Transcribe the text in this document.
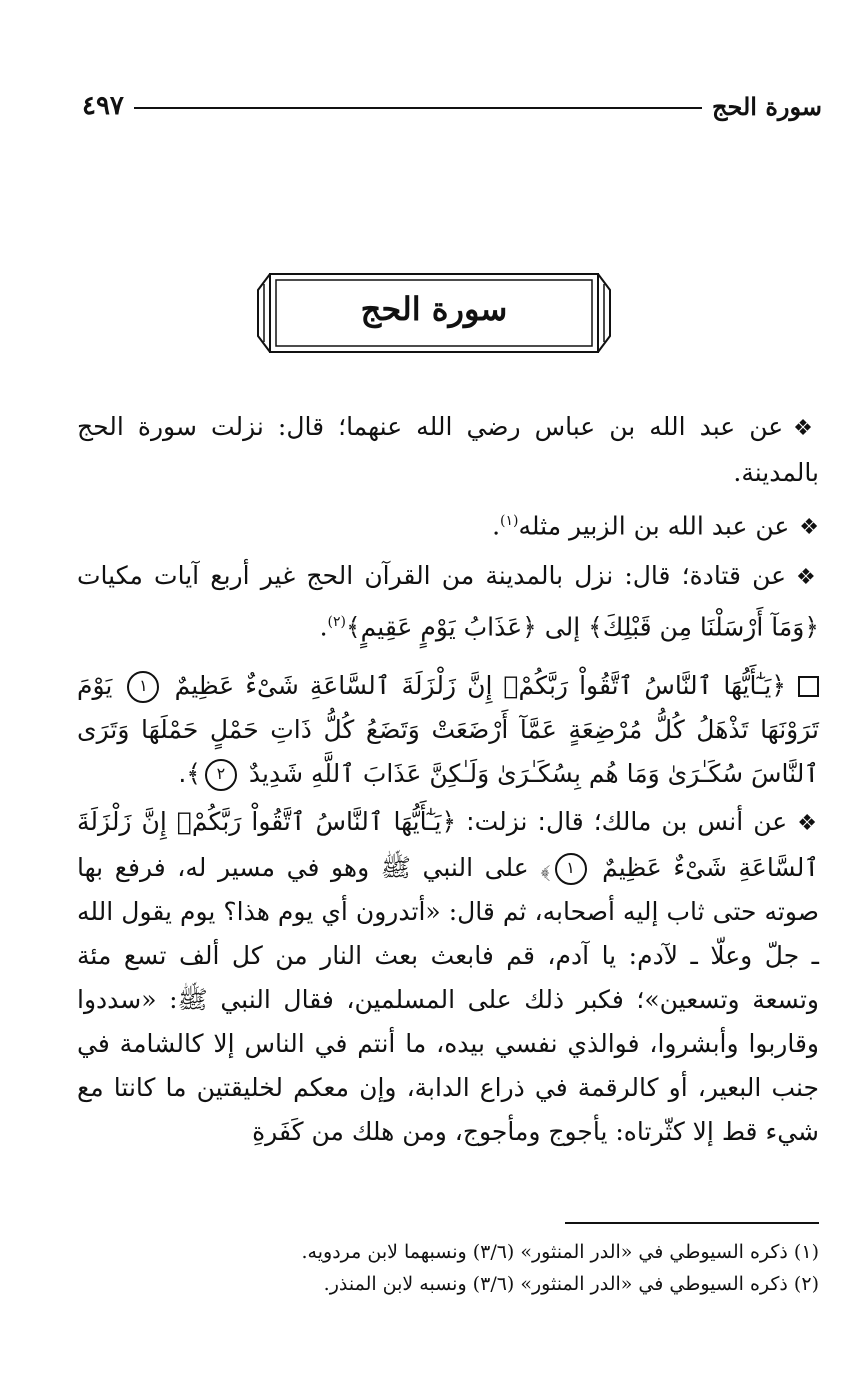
سورة الحج
٤٩٧
سورة الحج

❖عن عبد الله بن عباس رضي الله عنهما؛ قال: نزلت سورة الحج بالمدينة.

❖عن عبد الله بن الزبير مثله$^{(١)}$.

❖عن قتادة؛ قال: نزل بالمدينة من القرآن الحج غير أربع آيات مكيات ﴿وَمَآ أَرْسَلْنَا مِن قَبْلِكَ﴾ إلى ﴿عَذَابُ يَوْمٍ عَقِيمٍ﴾$^{(٢)}$.

﴿يَـٰٓأَيُّهَا ٱلنَّاسُ ٱتَّقُواْ رَبَّكُمْۚ إِنَّ زَلْزَلَةَ ٱلسَّاعَةِ شَىْءٌ عَظِيمٌ ١ يَوْمَ تَرَوْنَهَا تَذْهَلُ كُلُّ مُرْضِعَةٍ عَمَّآ أَرْضَعَتْ وَتَضَعُ كُلُّ ذَاتِ حَمْلٍ حَمْلَهَا وَتَرَى ٱلنَّاسَ سُكَـٰرَىٰ وَمَا هُم بِسُكَـٰرَىٰ وَلَـٰكِنَّ عَذَابَ ٱللَّهِ شَدِيدٌ ٢﴾.

❖عن أنس بن مالك؛ قال: نزلت: ﴿يَـٰٓأَيُّهَا ٱلنَّاسُ ٱتَّقُواْ رَبَّكُمْۚ إِنَّ زَلْزَلَةَ ٱلسَّاعَةِ شَىْءٌ عَظِيمٌ ١﴾ على النبي ﷺ وهو في مسير له، فرفع بها صوته حتى ثاب إليه أصحابه، ثم قال: «أتدرون أي يوم هذا؟ يوم يقول الله ـ جلّ وعلّا ـ لآدم: يا آدم، قم فابعث بعث النار من كل ألف تسع مئة وتسعة وتسعين»؛ فكبر ذلك على المسلمين، فقال النبي ﷺ: «سددوا وقاربوا وأبشروا، فوالذي نفسي بيده، ما أنتم في الناس إلا كالشامة في جنب البعير، أو كالرقمة في ذراع الدابة، وإن معكم لخليقتين ما كانتا مع شيء قط إلا كثّرتاه: يأجوج ومأجوج، ومن هلك من كَفَرةِ

(١) ذكره السيوطي في «الدر المنثور» (٣/٦) ونسبهما لابن مردويه.

(٢) ذكره السيوطي في «الدر المنثور» (٣/٦) ونسبه لابن المنذر.
